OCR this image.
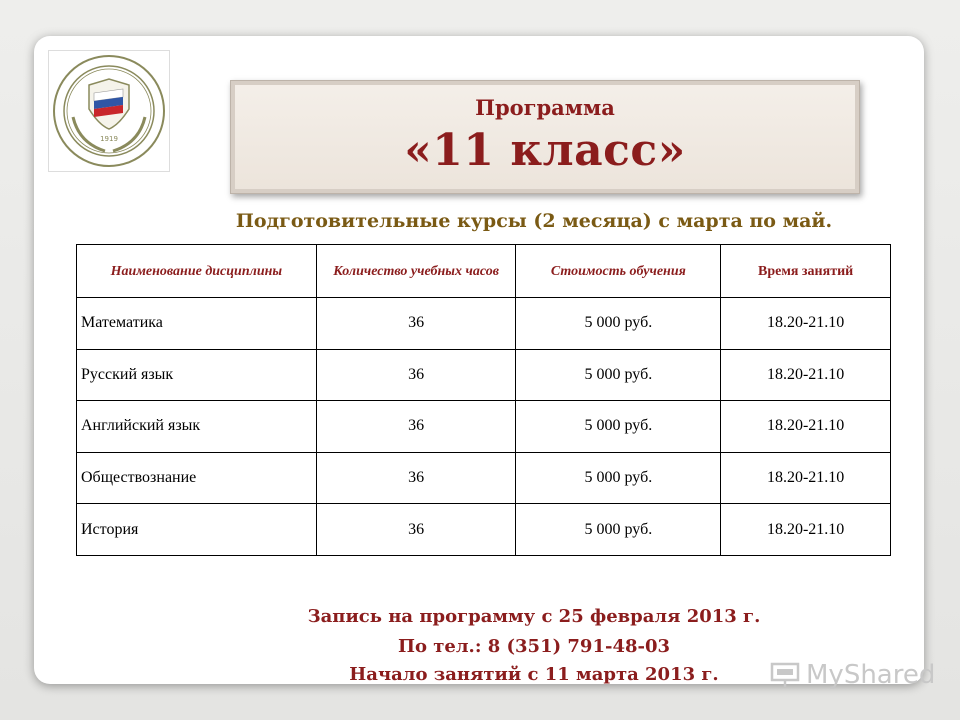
1919
Программа
«11 класс»
Подготовительные курсы (2 месяца) с марта по май.
Запись на программу с 25 февраля 2013 г.
По тел.: 8 (351) 791-48-03
Начало занятий с 11 марта 2013 г.
Наименование дисциплины	Количество учебных часов	Стоимость обучения	Время занятий
Математика	36	5 000 руб.	18.20-21.10
Русский язык	36	5 000 руб.	18.20-21.10
Английский язык	36	5 000 руб.	18.20-21.10
Обществознание	36	5 000 руб.	18.20-21.10
История	36	5 000 руб.	18.20-21.10
MyShared
